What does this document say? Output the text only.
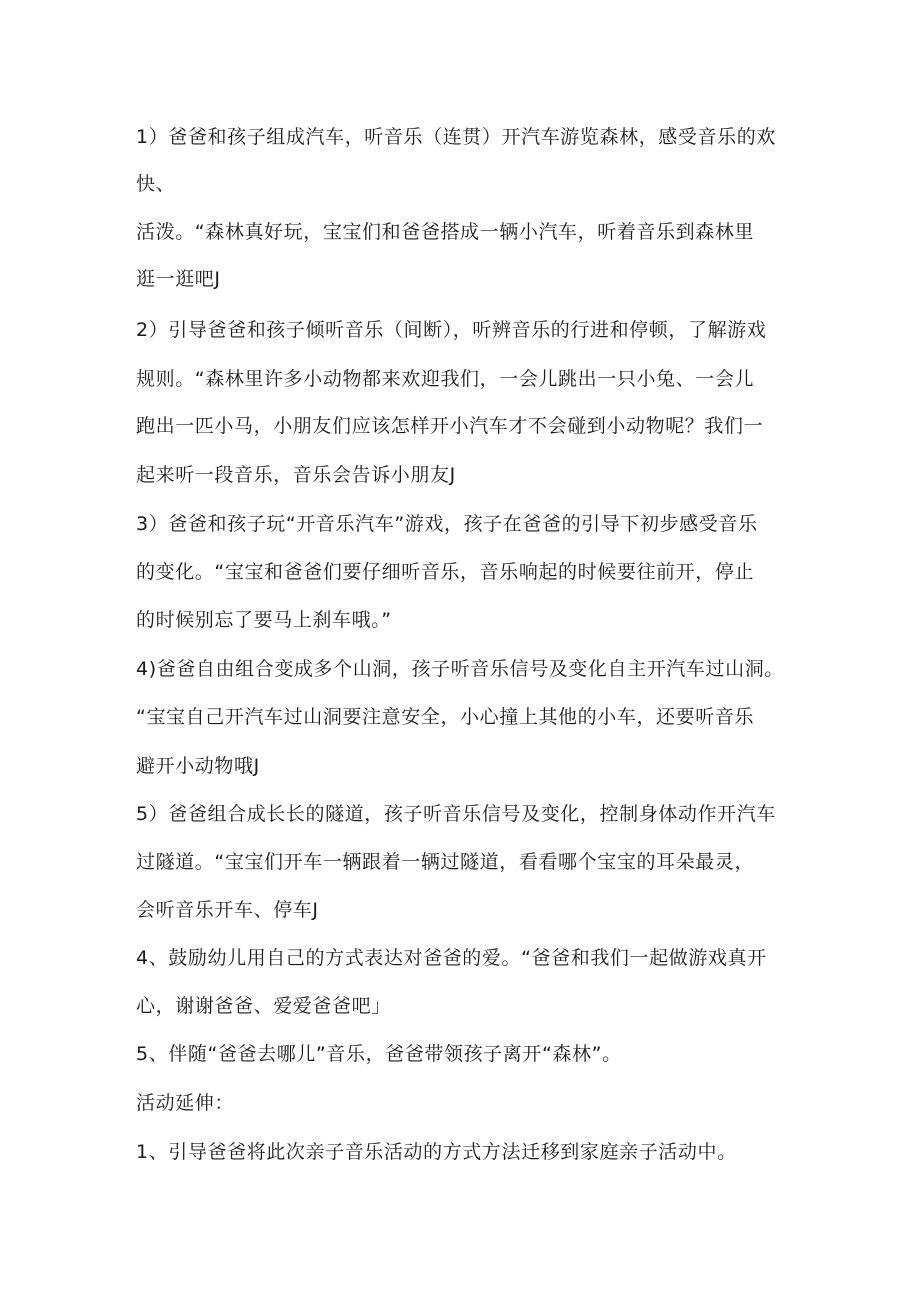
1）爸爸和孩子组成汽车，听音乐（连贯）开汽车游览森林，感受音乐的欢
快、
活泼。“森林真好玩，宝宝们和爸爸搭成一辆小汽车，听着音乐到森林里
逛一逛吧J
2）引导爸爸和孩子倾听音乐（间断），听辨音乐的行进和停顿，了解游戏
规则。“森林里许多小动物都来欢迎我们，一会儿跳出一只小兔、一会儿
跑出一匹小马，小朋友们应该怎样开小汽车才不会碰到小动物呢？我们一
起来听一段音乐，音乐会告诉小朋友J
3）爸爸和孩子玩“开音乐汽车”游戏，孩子在爸爸的引导下初步感受音乐
的变化。“宝宝和爸爸们要仔细听音乐，音乐响起的时候要往前开，停止
的时候别忘了要马上刹车哦。”
4)爸爸自由组合变成多个山洞，孩子听音乐信号及变化自主开汽车过山洞。
“宝宝自己开汽车过山洞要注意安全，小心撞上其他的小车，还要听音乐
避开小动物哦J
5）爸爸组合成长长的隧道，孩子听音乐信号及变化，控制身体动作开汽车
过隧道。“宝宝们开车一辆跟着一辆过隧道，看看哪个宝宝的耳朵最灵，
会听音乐开车、停车J
4、鼓励幼儿用自己的方式表达对爸爸的爱。“爸爸和我们一起做游戏真开
心，谢谢爸爸、爱爱爸爸吧」
5、伴随“爸爸去哪儿”音乐，爸爸带领孩子离开“森林”。
活动延伸：
1、引导爸爸将此次亲子音乐活动的方式方法迁移到家庭亲子活动中。
